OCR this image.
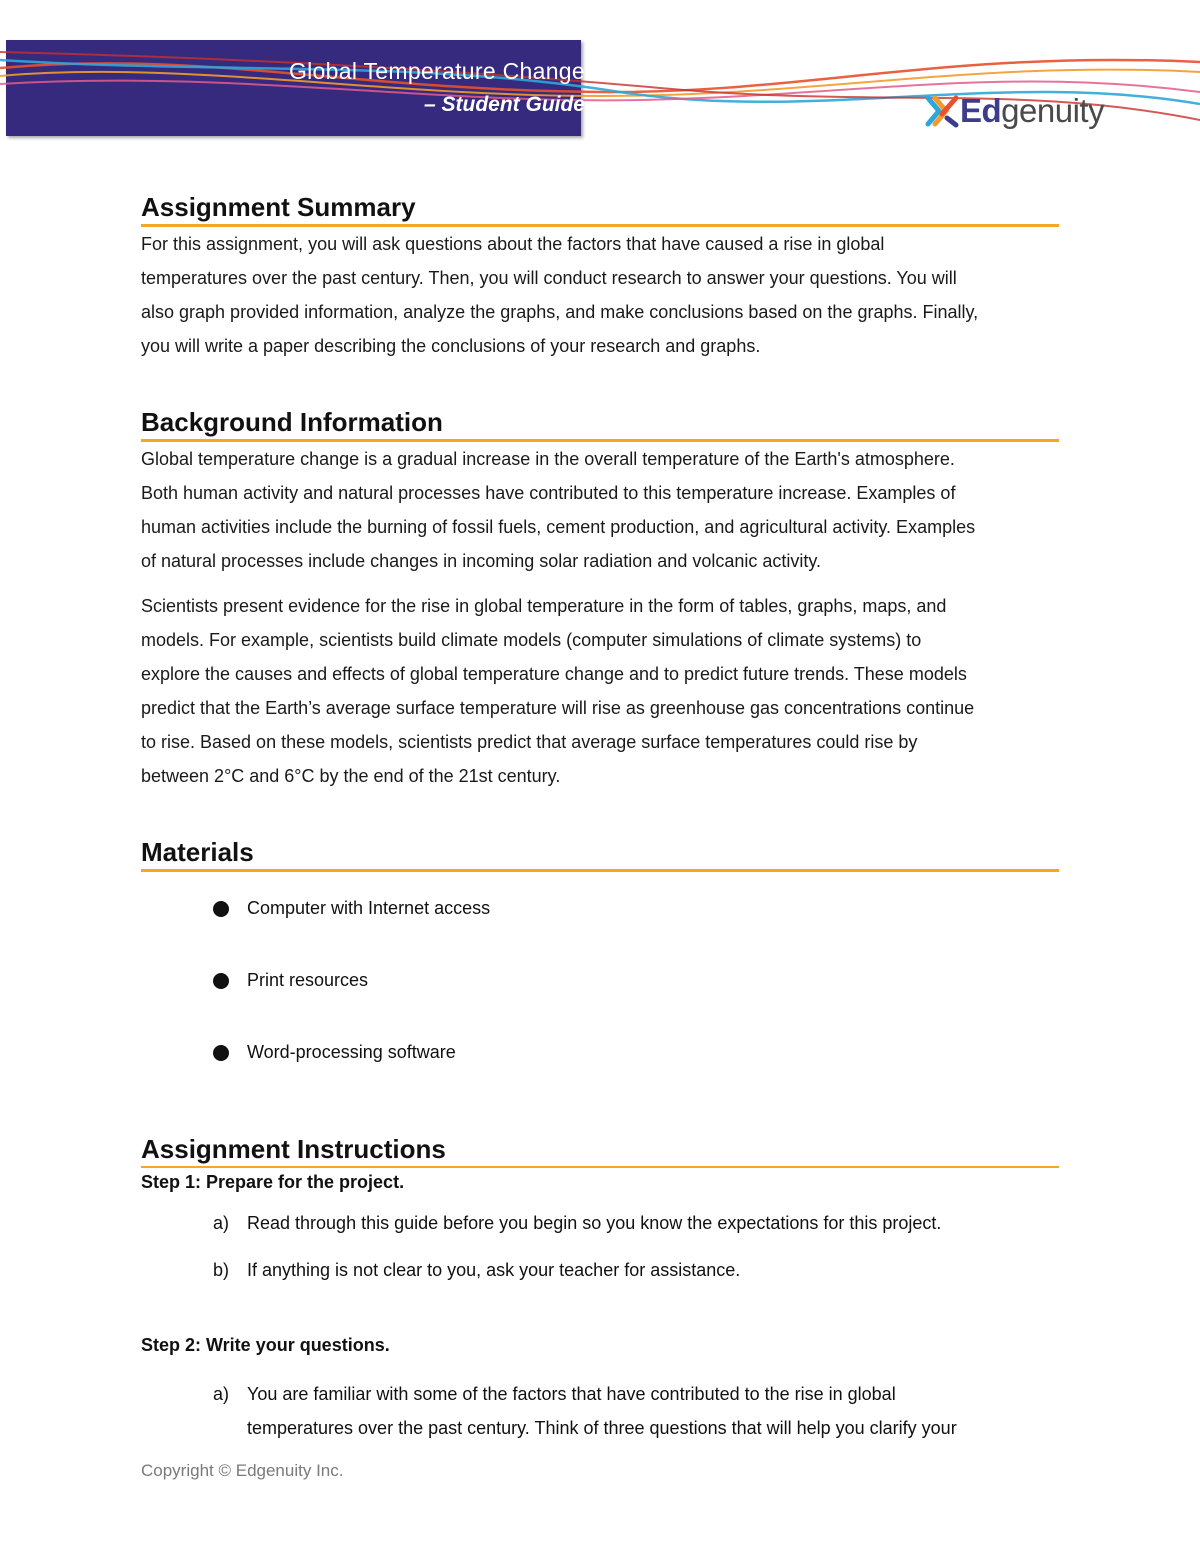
Global Temperature Change
– Student Guide	Edgenuity
Assignment Summary

For this assignment, you will ask questions about the factors that have caused a rise in global
temperatures over the past century. Then, you will conduct research to answer your questions. You will
also graph provided information, analyze the graphs, and make conclusions based on the graphs. Finally,
you will write a paper describing the conclusions of your research and graphs.

Background Information

Global temperature change is a gradual increase in the overall temperature of the Earth's atmosphere.
Both human activity and natural processes have contributed to this temperature increase. Examples of
human activities include the burning of fossil fuels, cement production, and agricultural activity. Examples
of natural processes include changes in incoming solar radiation and volcanic activity.

Scientists present evidence for the rise in global temperature in the form of tables, graphs, maps, and
models. For example, scientists build climate models (computer simulations of climate systems) to
explore the causes and effects of global temperature change and to predict future trends. These models
predict that the Earth’s average surface temperature will rise as greenhouse gas concentrations continue
to rise. Based on these models, scientists predict that average surface temperatures could rise by
between 2°C and 6°C by the end of the 21st century.

Materials
Computer with Internet access
Print resources
Word-processing software
Assignment Instructions
Step 1: Prepare for the project.
a) Read through this guide before you begin so you know the expectations for this project.
b) If anything is not clear to you, ask your teacher for assistance.
Step 2: Write your questions.
a) You are familiar with some of the factors that have contributed to the rise in global
temperatures over the past century. Think of three questions that will help you clarify your
Copyright © Edgenuity Inc.
